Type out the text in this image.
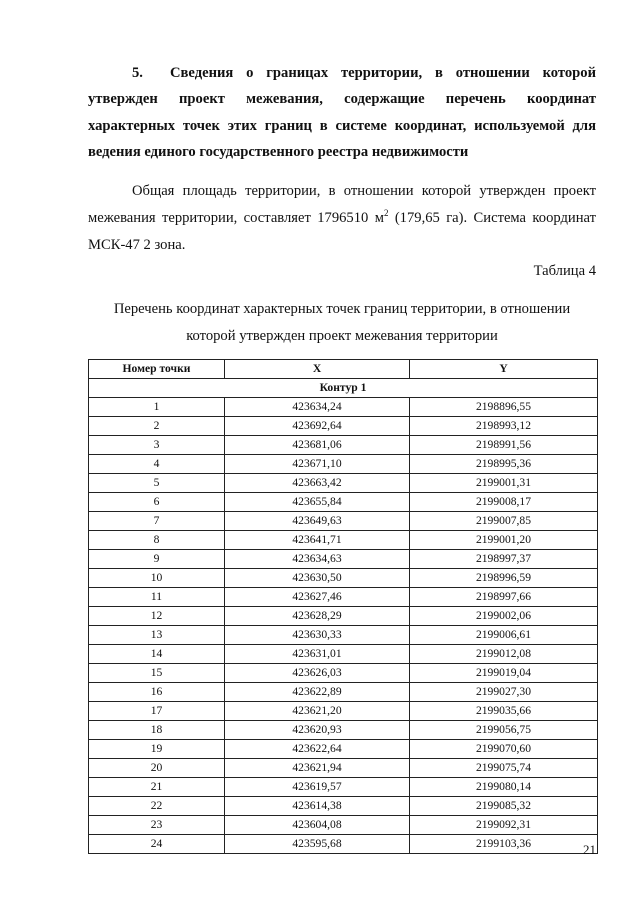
5. Сведения о границах территории, в отношении которой утвержден проект межевания, содержащие перечень координат характерных точек этих границ в системе координат, используемой для ведения единого государственного реестра недвижимости
Общая площадь территории, в отношении которой утвержден проект межевания территории, составляет 1796510 $м^2$ (179,65 га). Система координат МСК-47 2 зона.
Таблица 4
Перечень координат характерных точек границ территории, в отношении которой утвержден проект межевания территории
Номер точки	X	Y
Контур 1		
1	423634,24	2198896,55
2	423692,64	2198993,12
3	423681,06	2198991,56
4	423671,10	2198995,36
5	423663,42	2199001,31
6	423655,84	2199008,17
7	423649,63	2199007,85
8	423641,71	2199001,20
9	423634,63	2198997,37
10	423630,50	2198996,59
11	423627,46	2198997,66
12	423628,29	2199002,06
13	423630,33	2199006,61
14	423631,01	2199012,08
15	423626,03	2199019,04
16	423622,89	2199027,30
17	423621,20	2199035,66
18	423620,93	2199056,75
19	423622,64	2199070,60
20	423621,94	2199075,74
21	423619,57	2199080,14
22	423614,38	2199085,32
23	423604,08	2199092,31
24	423595,68	2199103,36	21
